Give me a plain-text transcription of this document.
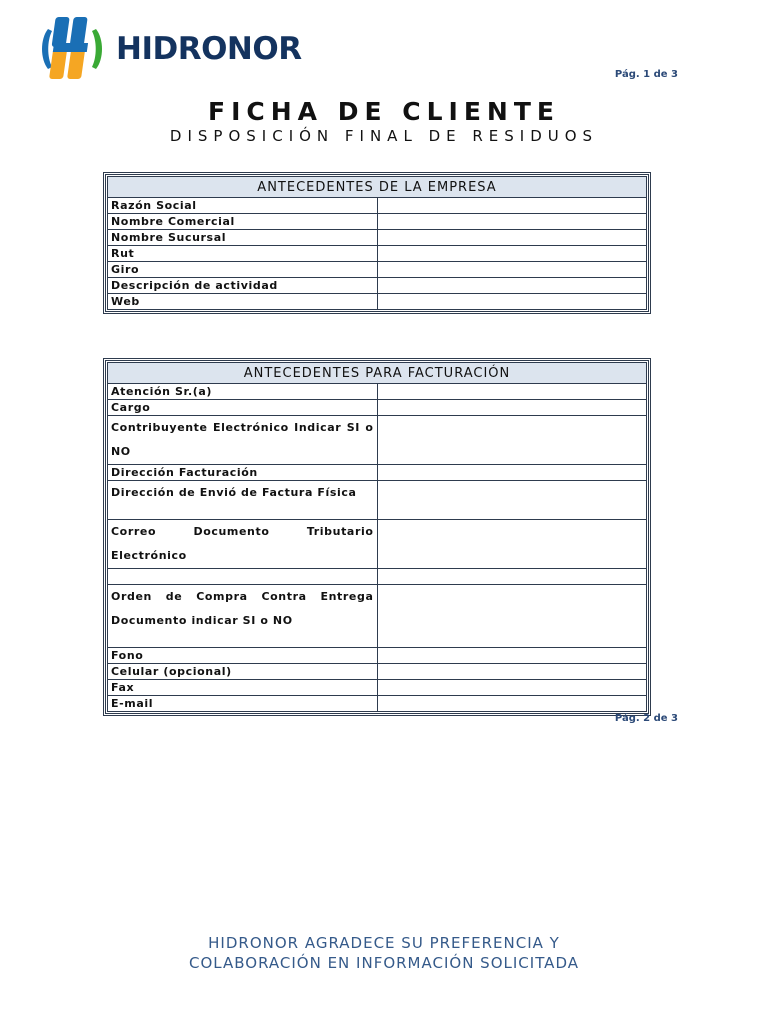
HIDRONOR
Pág. 1 de 3
FICHA DE CLIENTE
DISPOSICIÓN FINAL DE RESIDUOS
ANTECEDENTES DE LA EMPRESA	
Razón Social	
Nombre Comercial	
Nombre Sucursal	
Rut	
Giro	
Descripción de actividad	
Web	
ANTECEDENTES PARA FACTURACIÓN	
Atención Sr.(a)	
Cargo	
Contribuyente Electrónico Indicar SI o NO	
Dirección Facturación	
Dirección de Envió de Factura Física	
Correo Documento Tributario Electrónico	

Orden de Compra Contra Entrega Documento indicar SI o NO	
Fono	
Celular (opcional)	
Fax	
E-mail	
Pág. 2 de 3
HIDRONOR AGRADECE SU PREFERENCIA Y
COLABORACIÓN EN INFORMACIÓN SOLICITADA
